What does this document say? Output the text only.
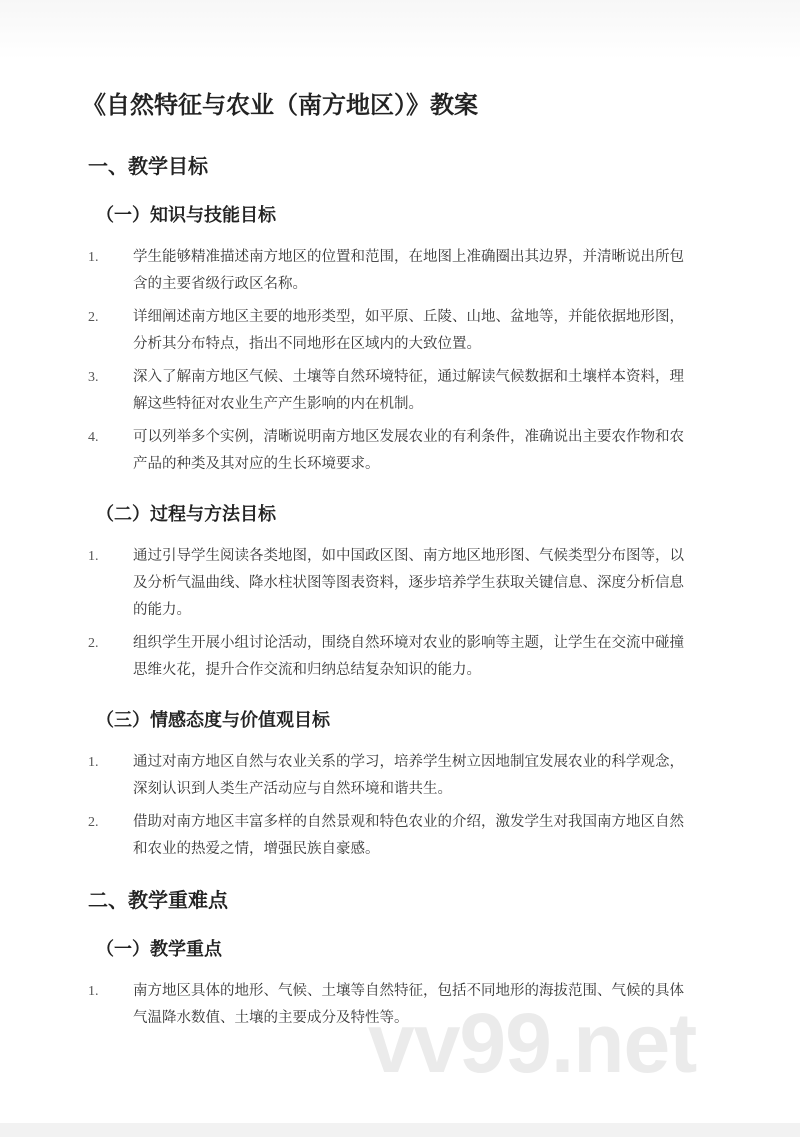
《自然特征与农业（南方地区）》教案
一、教学目标
（一）知识与技能目标
1. 学生能够精准描述南方地区的位置和范围，在地图上准确圈出其边界，并清晰说出所包含的主要省级行政区名称。
2. 详细阐述南方地区主要的地形类型，如平原、丘陵、山地、盆地等，并能依据地形图，分析其分布特点，指出不同地形在区域内的大致位置。
3. 深入了解南方地区气候、土壤等自然环境特征，通过解读气候数据和土壤样本资料，理解这些特征对农业生产产生影响的内在机制。
4. 可以列举多个实例，清晰说明南方地区发展农业的有利条件，准确说出主要农作物和农产品的种类及其对应的生长环境要求。
（二）过程与方法目标
1. 通过引导学生阅读各类地图，如中国政区图、南方地区地形图、气候类型分布图等，以及分析气温曲线、降水柱状图等图表资料，逐步培养学生获取关键信息、深度分析信息的能力。
2. 组织学生开展小组讨论活动，围绕自然环境对农业的影响等主题，让学生在交流中碰撞思维火花，提升合作交流和归纳总结复杂知识的能力。
（三）情感态度与价值观目标
1. 通过对南方地区自然与农业关系的学习，培养学生树立因地制宜发展农业的科学观念，深刻认识到人类生产活动应与自然环境和谐共生。
2. 借助对南方地区丰富多样的自然景观和特色农业的介绍，激发学生对我国南方地区自然和农业的热爱之情，增强民族自豪感。
二、教学重难点
（一）教学重点
1. 南方地区具体的地形、气候、土壤等自然特征，包括不同地形的海拔范围、气候的具体气温降水数值、土壤的主要成分及特性等。
vv99.net
